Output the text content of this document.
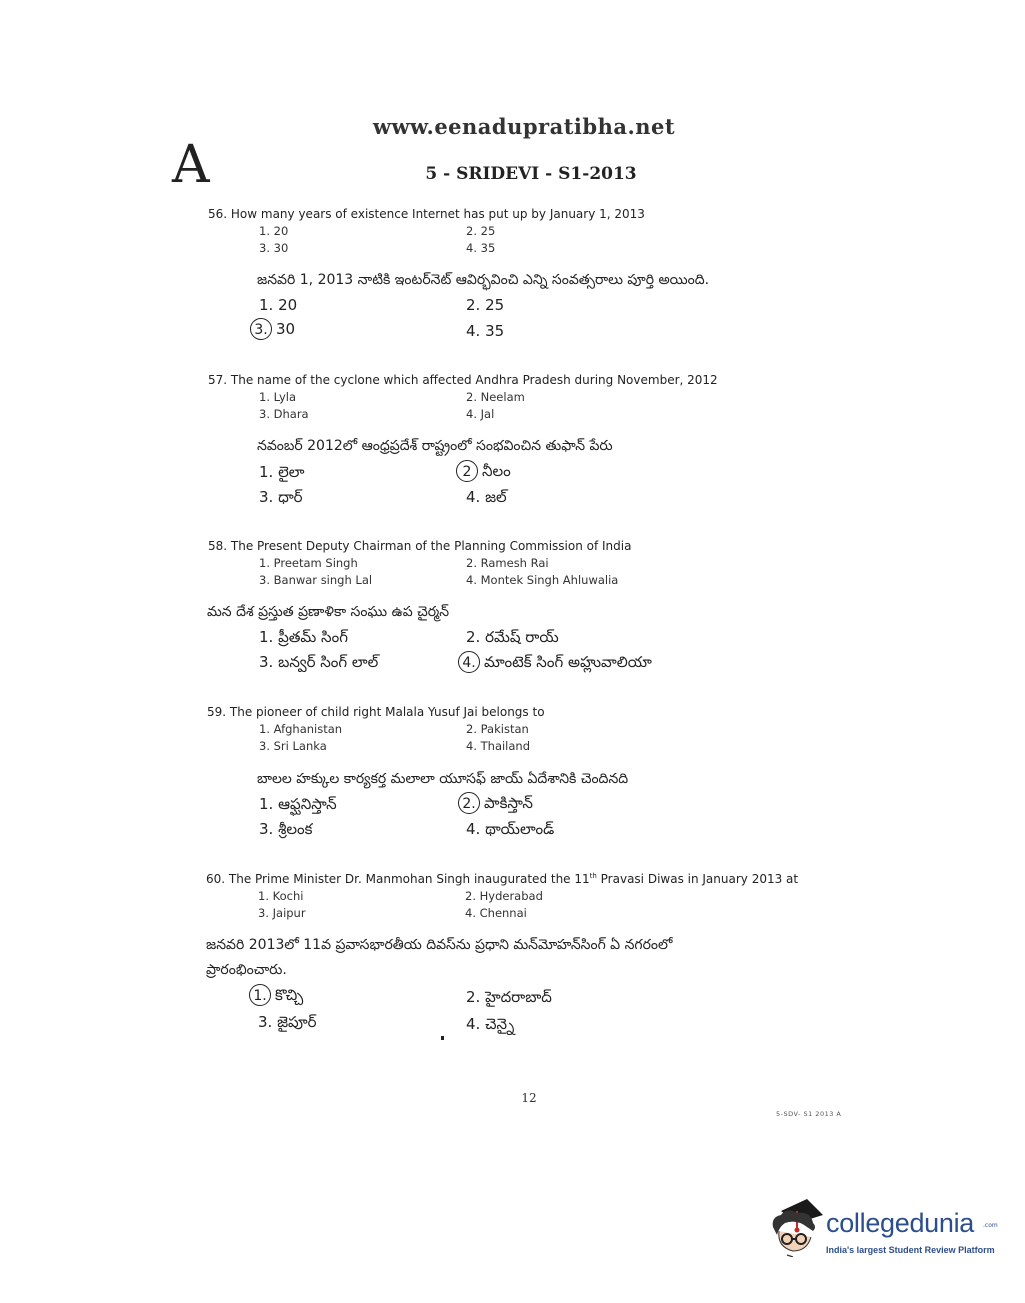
www.eenadupratibha.net
A	5 - SRIDEVI - S1-2013
56. How many years of existence Internet has put up by January 1, 2013
1. 20	2. 25
3. 30	4. 35
జనవరి 1, 2013 నాటికి ఇంటర్‌నెట్ ఆవిర్భవించి ఎన్ని సంవత్సరాలు పూర్తి అయింది.
1. 20	2. 25
3. 30	4. 35
57. The name of the cyclone which affected Andhra Pradesh during November, 2012
1. Lyla	2. Neelam
3. Dhara	4. Jal
నవంబర్ 2012లో ఆంధ్రప్రదేశ్ రాష్ట్రంలో సంభవించిన తుఫాన్ పేరు
1. లైలా	2 నీలం
3. ధార్	4. జల్
58. The Present Deputy Chairman of the Planning Commission of India
1. Preetam Singh	2. Ramesh Rai
3. Banwar singh Lal	4. Montek Singh Ahluwalia
మన దేశ ప్రస్తుత ప్రణాళికా సంఘు ఉప చైర్మన్
1. ప్రీతమ్ సింగ్	2. రమేష్ రాయ్
3. బన్వర్ సింగ్ లాల్	4. మాంటెక్ సింగ్ అహ్లువాలియా
59. The pioneer of child right Malala Yusuf Jai belongs to
1. Afghanistan	2. Pakistan
3. Sri Lanka	4. Thailand
బాలల హక్కుల కార్యకర్త మలాలా యూసఫ్ జాయ్ ఏదేశానికి చెందినది
1. ఆఫ్ఘనిస్తాన్	2. పాకిస్తాన్
3. శ్రీలంక	4. థాయ్‌లాండ్
60. The Prime Minister Dr. Manmohan Singh inaugurated the 11th Pravasi Diwas in January 2013 at
1. Kochi	2. Hyderabad
3. Jaipur	4. Chennai
జనవరి 2013లో 11వ ప్రవాసభారతీయ దివస్‌ను ప్రధాని మన్‌మోహన్‌సింగ్ ఏ నగరంలో
ప్రారంభించారు.
1. కొచ్చి	2. హైదరాబాద్
3. జైపూర్	4. చెన్నై
12
5-SDV- S1 2013 A
collegedunia .com
India's largest Student Review Platform
